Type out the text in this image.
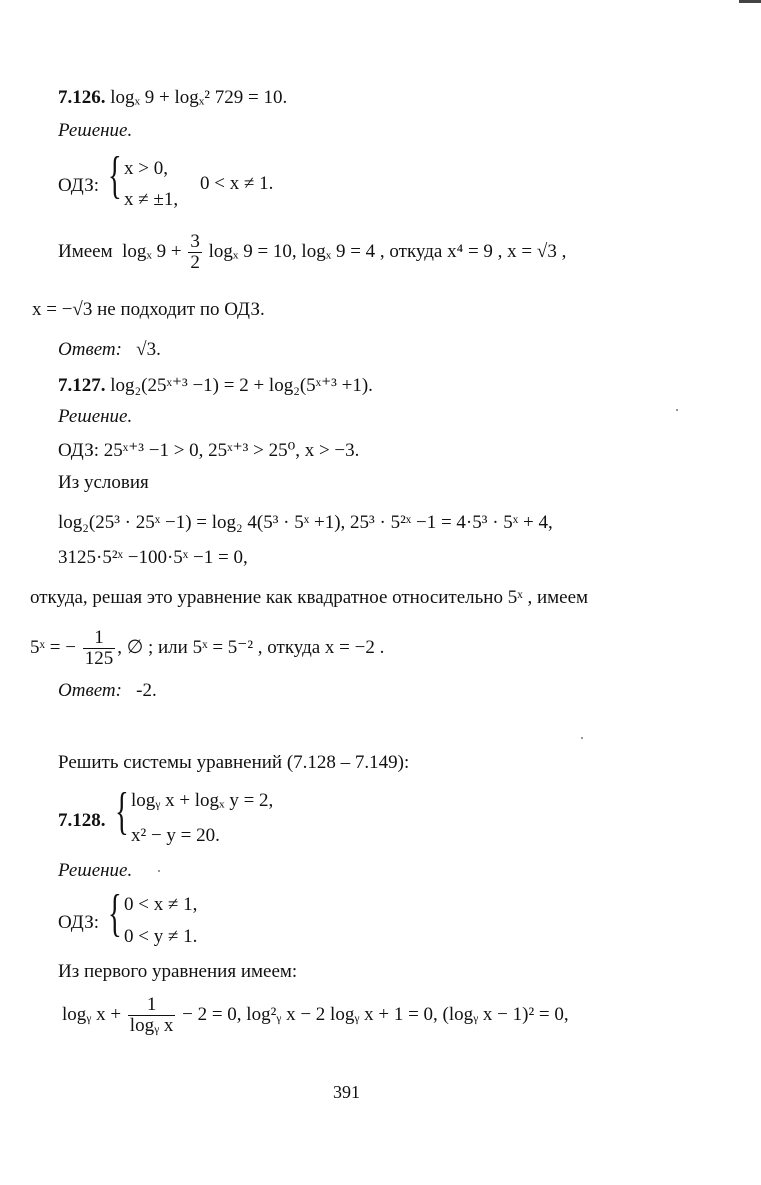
7.126. logₓ 9 + logₓ² 729 = 10.
Решение.
ОДЗ: { x > 0,
x ≠ ±1,
0 < x ≠ 1.
Имеем logₓ $9 + \frac{3}{2}$ logₓ 9 = 10, logₓ 9 = 4 , откуда x⁴ = 9 , x = √3 ,
x = −√3 не подходит по ОДЗ.
Ответ: √3.
7.127. log₂(25ˣ⁺³ −1) = 2 + log₂(5ˣ⁺³ +1).
Решение.
ОДЗ: 25ˣ⁺³ −1 > 0, 25ˣ⁺³ > 25⁰, x > −3.
Из условия
log₂(25³ · 25ˣ −1) = log₂ 4(5³ · 5ˣ +1), 25³ · 5²ˣ −1 = 4·5³ · 5ˣ + 4,
3125·5²ˣ −100·5ˣ −1 = 0,
откуда, решая это уравнение как квадратное относительно 5ˣ , имеем
5ˣ = − $\frac{1}{125}$ , ∅ ; или 5ˣ = 5⁻² , откуда x = −2 .
Ответ: -2.
Решить системы уравнений (7.128 – 7.149):
7.128. { logᵧ x + logₓ y = 2,
x² − y = 20.
Решение.
ОДЗ: { 0 < x ≠ 1,
0 < y ≠ 1.
Из первого уравнения имеем:
logᵧ $x + \frac{1}{\text{logᵧ x}} - 2 = 0$, log²ᵧ x − 2 logᵧ x + 1 = 0, (logᵧ x − 1)² = 0,
391
